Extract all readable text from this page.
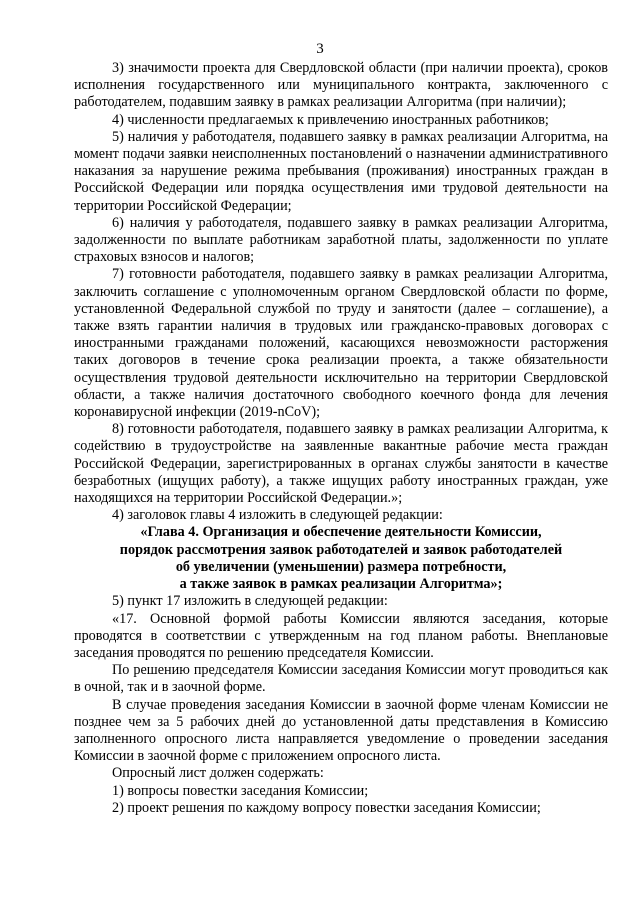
3

3) значимости проекта для Свердловской области (при наличии проекта), сроков исполнения государственного или муниципального контракта, заключенного с работодателем, подавшим заявку в рамках реализации Алгоритма (при наличии);

4) численности предлагаемых к привлечению иностранных работников;

5) наличия у работодателя, подавшего заявку в рамках реализации Алгоритма, на момент подачи заявки неисполненных постановлений о назначении административного наказания за нарушение режима пребывания (проживания) иностранных граждан в Российской Федерации или порядка осуществления ими трудовой деятельности на территории Российской Федерации;

6) наличия у работодателя, подавшего заявку в рамках реализации Алгоритма, задолженности по выплате работникам заработной платы, задолженности по уплате страховых взносов и налогов;

7) готовности работодателя, подавшего заявку в рамках реализации Алгоритма, заключить соглашение с уполномоченным органом Свердловской области по форме, установленной Федеральной службой по труду и занятости (далее – соглашение), а также взять гарантии наличия в трудовых или гражданско-правовых договорах с иностранными гражданами положений, касающихся невозможности расторжения таких договоров в течение срока реализации проекта, а также обязательности осуществления трудовой деятельности исключительно на территории Свердловской области, а также наличия достаточного свободного коечного фонда для лечения коронавирусной инфекции (2019-nCoV);

8) готовности работодателя, подавшего заявку в рамках реализации Алгоритма, к содействию в трудоустройстве на заявленные вакантные рабочие места граждан Российской Федерации, зарегистрированных в органах службы занятости в качестве безработных (ищущих работу), а также ищущих работу иностранных граждан, уже находящихся на территории Российской Федерации.»;

4) заголовок главы 4 изложить в следующей редакции:

«Глава 4. Организация и обеспечение деятельности Комиссии,

порядок рассмотрения заявок работодателей и заявок работодателей

об увеличении (уменьшении) размера потребности,

а также заявок в рамках реализации Алгоритма»;

5) пункт 17 изложить в следующей редакции:

«17. Основной формой работы Комиссии являются заседания, которые проводятся в соответствии с утвержденным на год планом работы. Внеплановые заседания проводятся по решению председателя Комиссии.

По решению председателя Комиссии заседания Комиссии могут проводиться как в очной, так и в заочной форме.

В случае проведения заседания Комиссии в заочной форме членам Комиссии не позднее чем за 5 рабочих дней до установленной даты представления в Комиссию заполненного опросного листа направляется уведомление о проведении заседания Комиссии в заочной форме с приложением опросного листа.

Опросный лист должен содержать:

1) вопросы повестки заседания Комиссии;

2) проект решения по каждому вопросу повестки заседания Комиссии;
